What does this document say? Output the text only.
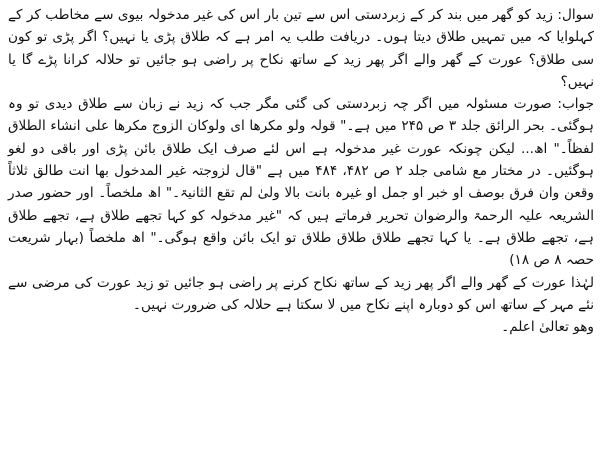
سوال: زید کو گھر میں بند کر کے زبردستی اس سے تین بار اس کی غیر مدخولہ بیوی سے مخاطب کر کے کہلوایا کہ میں تمہیں طلاق دیتا ہوں۔ دریافت طلب یہ امر ہے کہ طلاق پڑی یا نہیں؟ اگر پڑی تو کون سی طلاق؟ عورت کے گھر والے اگر پھر زید کے ساتھ نکاح پر راضی ہو جائیں تو حلالہ کرانا پڑے گا یا نہیں؟

جواب: صورت مسئولہ میں اگر چہ زبردستی کی گئی مگر جب کہ زید نے زبان سے طلاق دیدی تو وہ ہوگئی۔ بحر الرائق جلد ۳ ص ۲۴۵ میں ہے۔" قولہ ولو مکرھا ای ولوکان الزوج مکرھا علی انشاء الطلاق لفظاً۔" اھ... لیکن چونکہ عورت غیر مدخولہ ہے اس لئے صرف ایک طلاق بائن پڑی اور باقی دو لغو ہوگئیں۔ در مختار مع شامی جلد ۲ ص ۴۸۲، ۴۸۴ میں ہے "قال لزوجتہ غیر المدخول بھا انت طالق ثلاثاً وقعن وان فرق بوصف او خبر او جمل او غیرہ بانت بالا ولیٰ لم تقع الثانیۃ۔" اھ ملخصاً۔ اور حضور صدر الشریعہ علیہ الرحمۃ والرضوان تحریر فرماتے ہیں کہ "غیر مدخولہ کو کہا تجھے طلاق ہے، تجھے طلاق ہے، تجھے طلاق ہے۔ یا کہا تجھے طلاق طلاق طلاق تو ایک بائن واقع ہوگی۔" اھ ملخصاً (بہار شریعت حصہ ۸ ص ۱۸)

لہٰذا عورت کے گھر والے اگر پھر زید کے ساتھ نکاح کرنے پر راضی ہو جائیں تو زید عورت کی مرضی سے نئے مہر کے ساتھ اس کو دوبارہ اپنے نکاح میں لا سکتا ہے حلالہ کی ضرورت نہیں۔

وھو تعالیٰ اعلم۔
